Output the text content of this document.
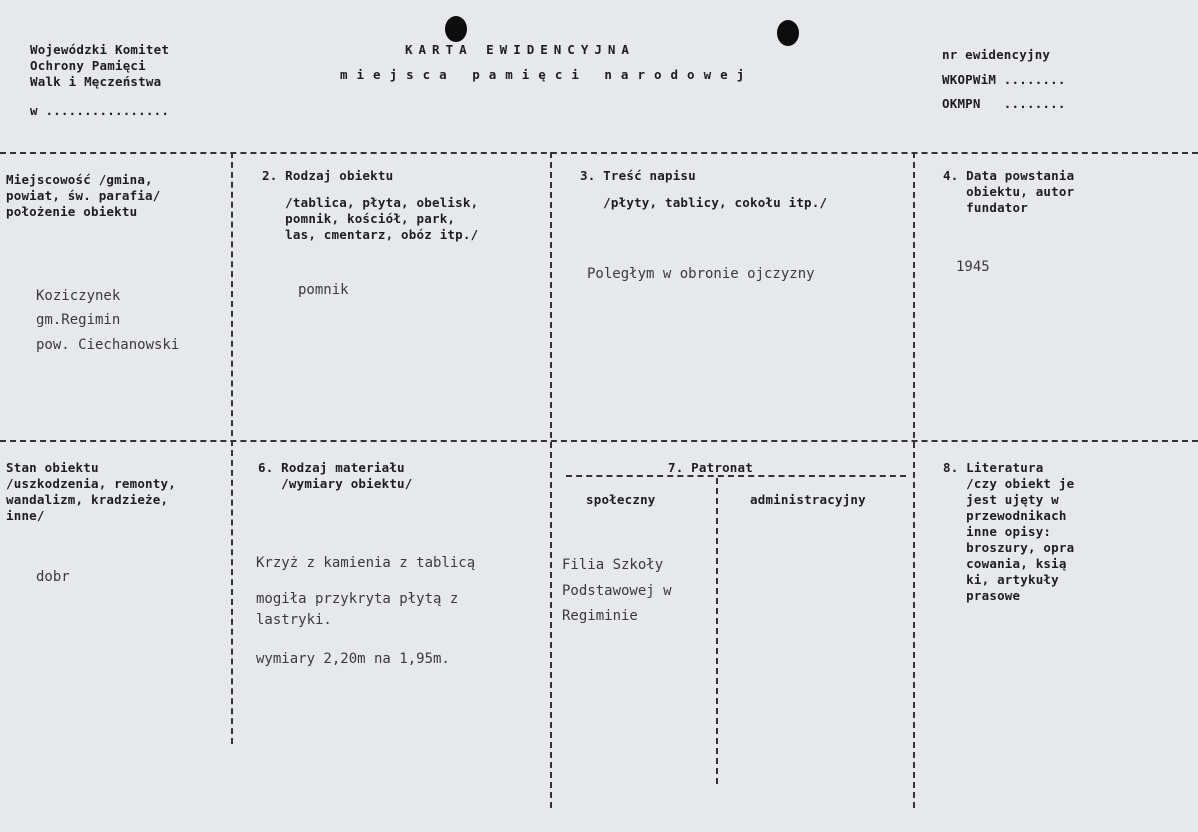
Wojewódzki Komitet
Ochrony Pamięci
Walk i Męczeństwa
w ................
KARTA EWIDENCYJNA
miejsca pamięci narodowej
nr ewidencyjny
WKOPWiM ........
OKMPN   ........
Miejscowość /gmina,
powiat, św. parafia/
położenie obiektu
Koziczynek
gm.Regimin
pow. Ciechanowski
2. Rodzaj obiektu
/tablica, płyta, obelisk,
pomnik, kościół, park,
las, cmentarz, obóz itp./
pomnik
3. Treść napisu
/płyty, tablicy, cokołu itp./
Poległym w obronie ojczyzny
4. Data powstania
obiektu, autor
fundator
1945
Stan obiektu
/uszkodzenia, remonty,
wandalizm, kradzieże,
inne/
dobr
6. Rodzaj materiału
/wymiary obiektu/
Krzyż z kamienia z tablicą
mogiła przykryta płytą z
lastryki.
wymiary 2,20m na 1,95m.
7. Patronat
społeczny	administracyjny
Filia Szkoły
Podstawowej w
Regiminie
8. Literatura
/czy obiekt je
jest ujęty w
przewodnikach
inne opisy:
broszury, opra
cowania, ksią
ki, artykuły
prasowe
